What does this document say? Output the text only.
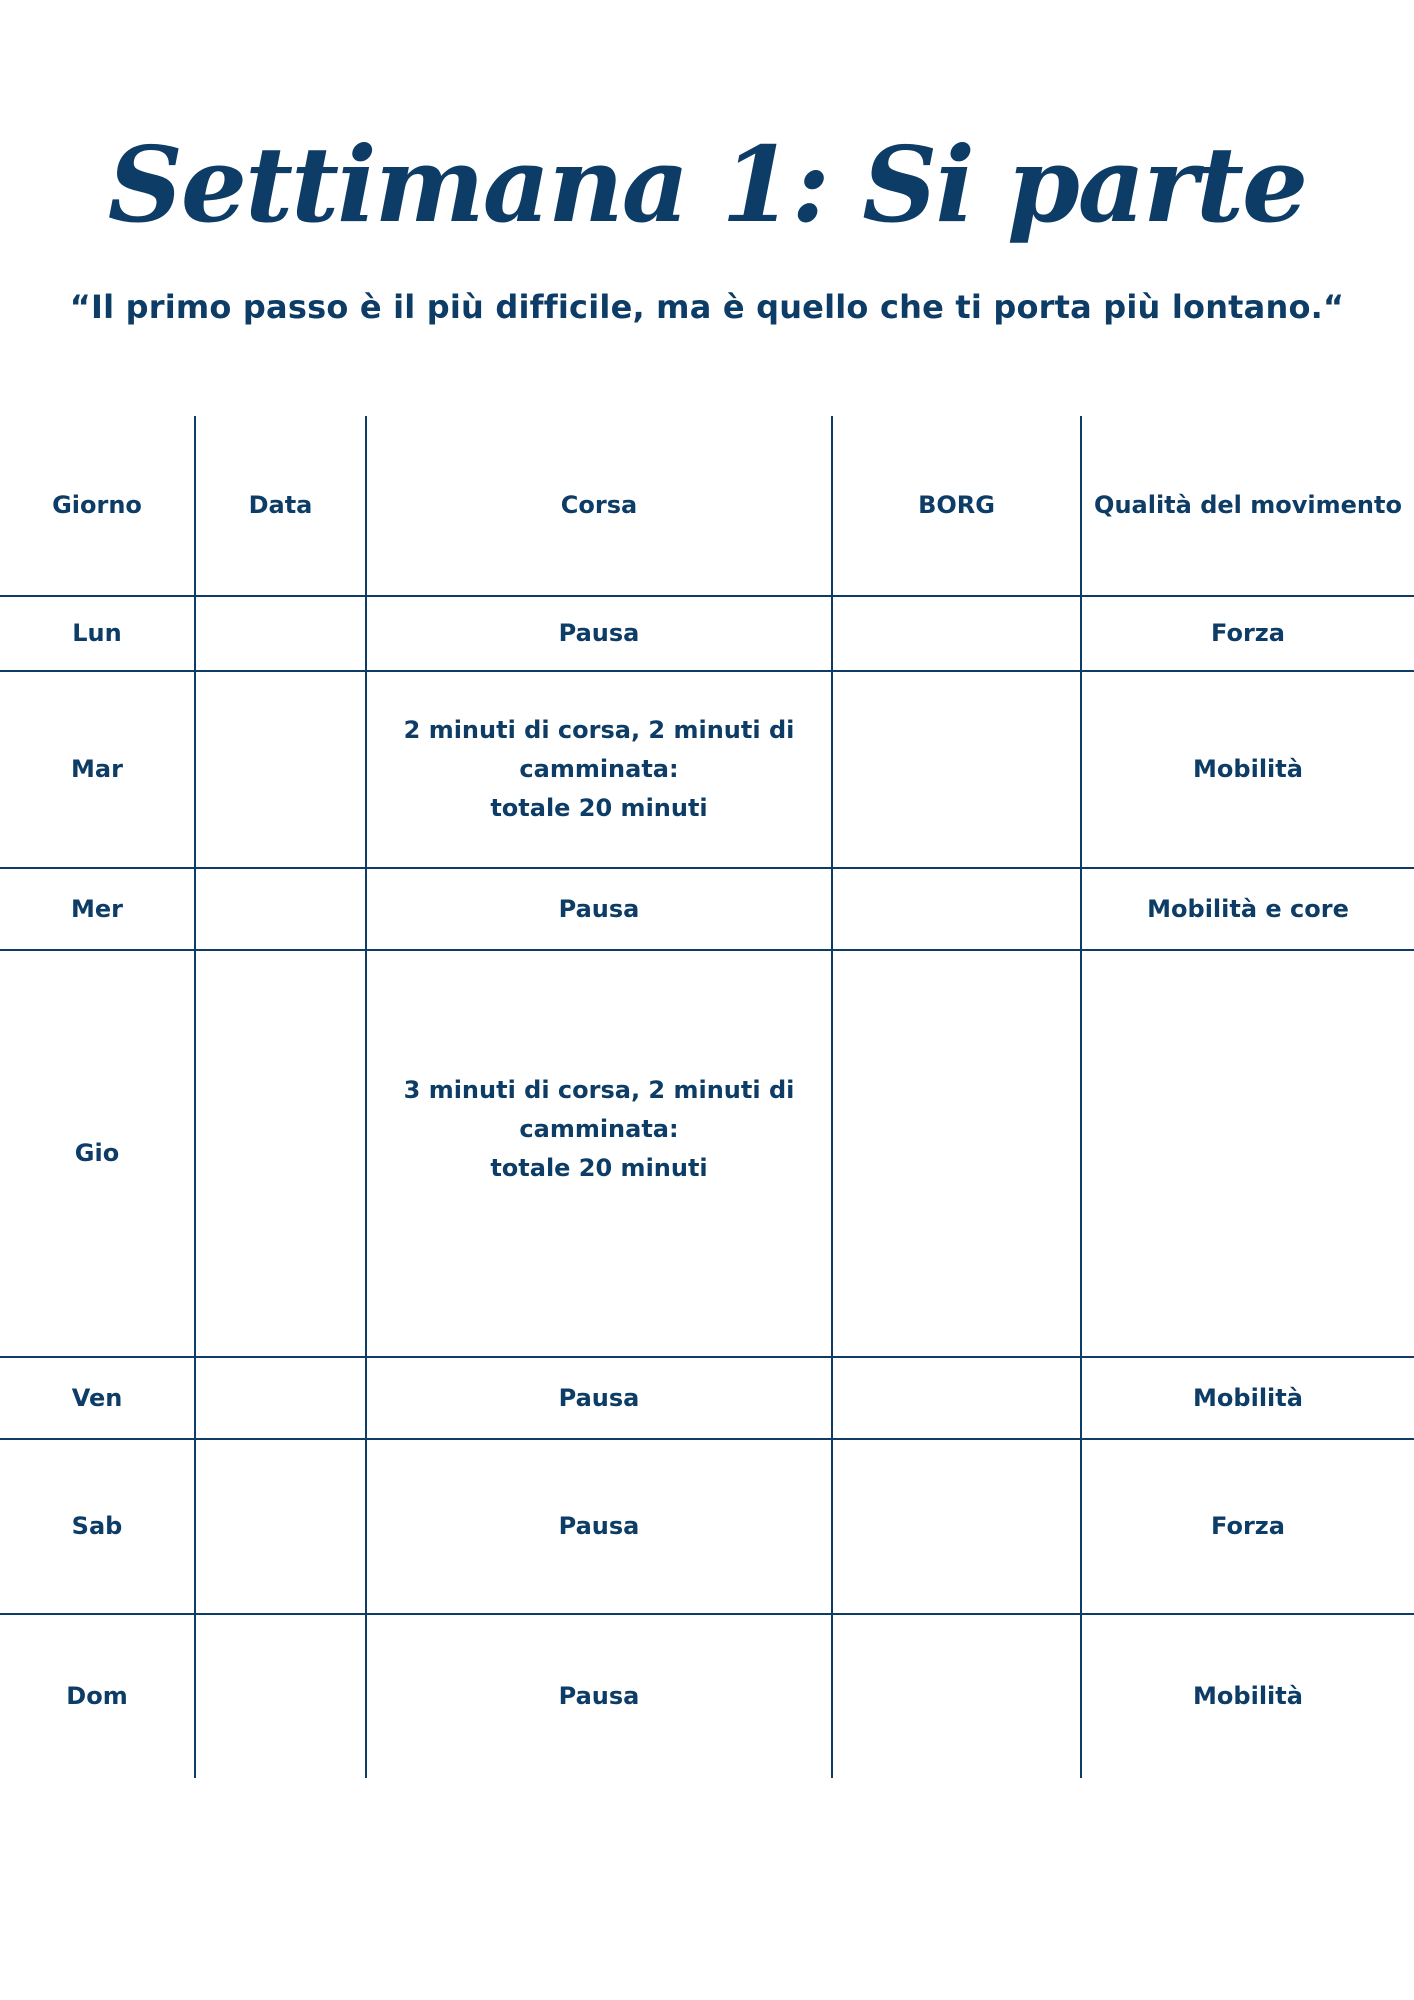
Settimana 1: Si parte
“Il primo passo è il più difficile, ma è quello che ti porta più lontano.“
Giorno	Data	Corsa	BORG	Qualità del movimento
Lun		Pausa		Forza
Mar		2 minuti di corsa, 2 minuti di
camminata:
totale 20 minuti		Mobilità
Mer		Pausa		Mobilità e core
Gio		3 minuti di corsa, 2 minuti di
camminata:
totale 20 minuti		

Ven		Pausa		Mobilità
Sab		Pausa		Forza
Dom		Pausa		Mobilità
